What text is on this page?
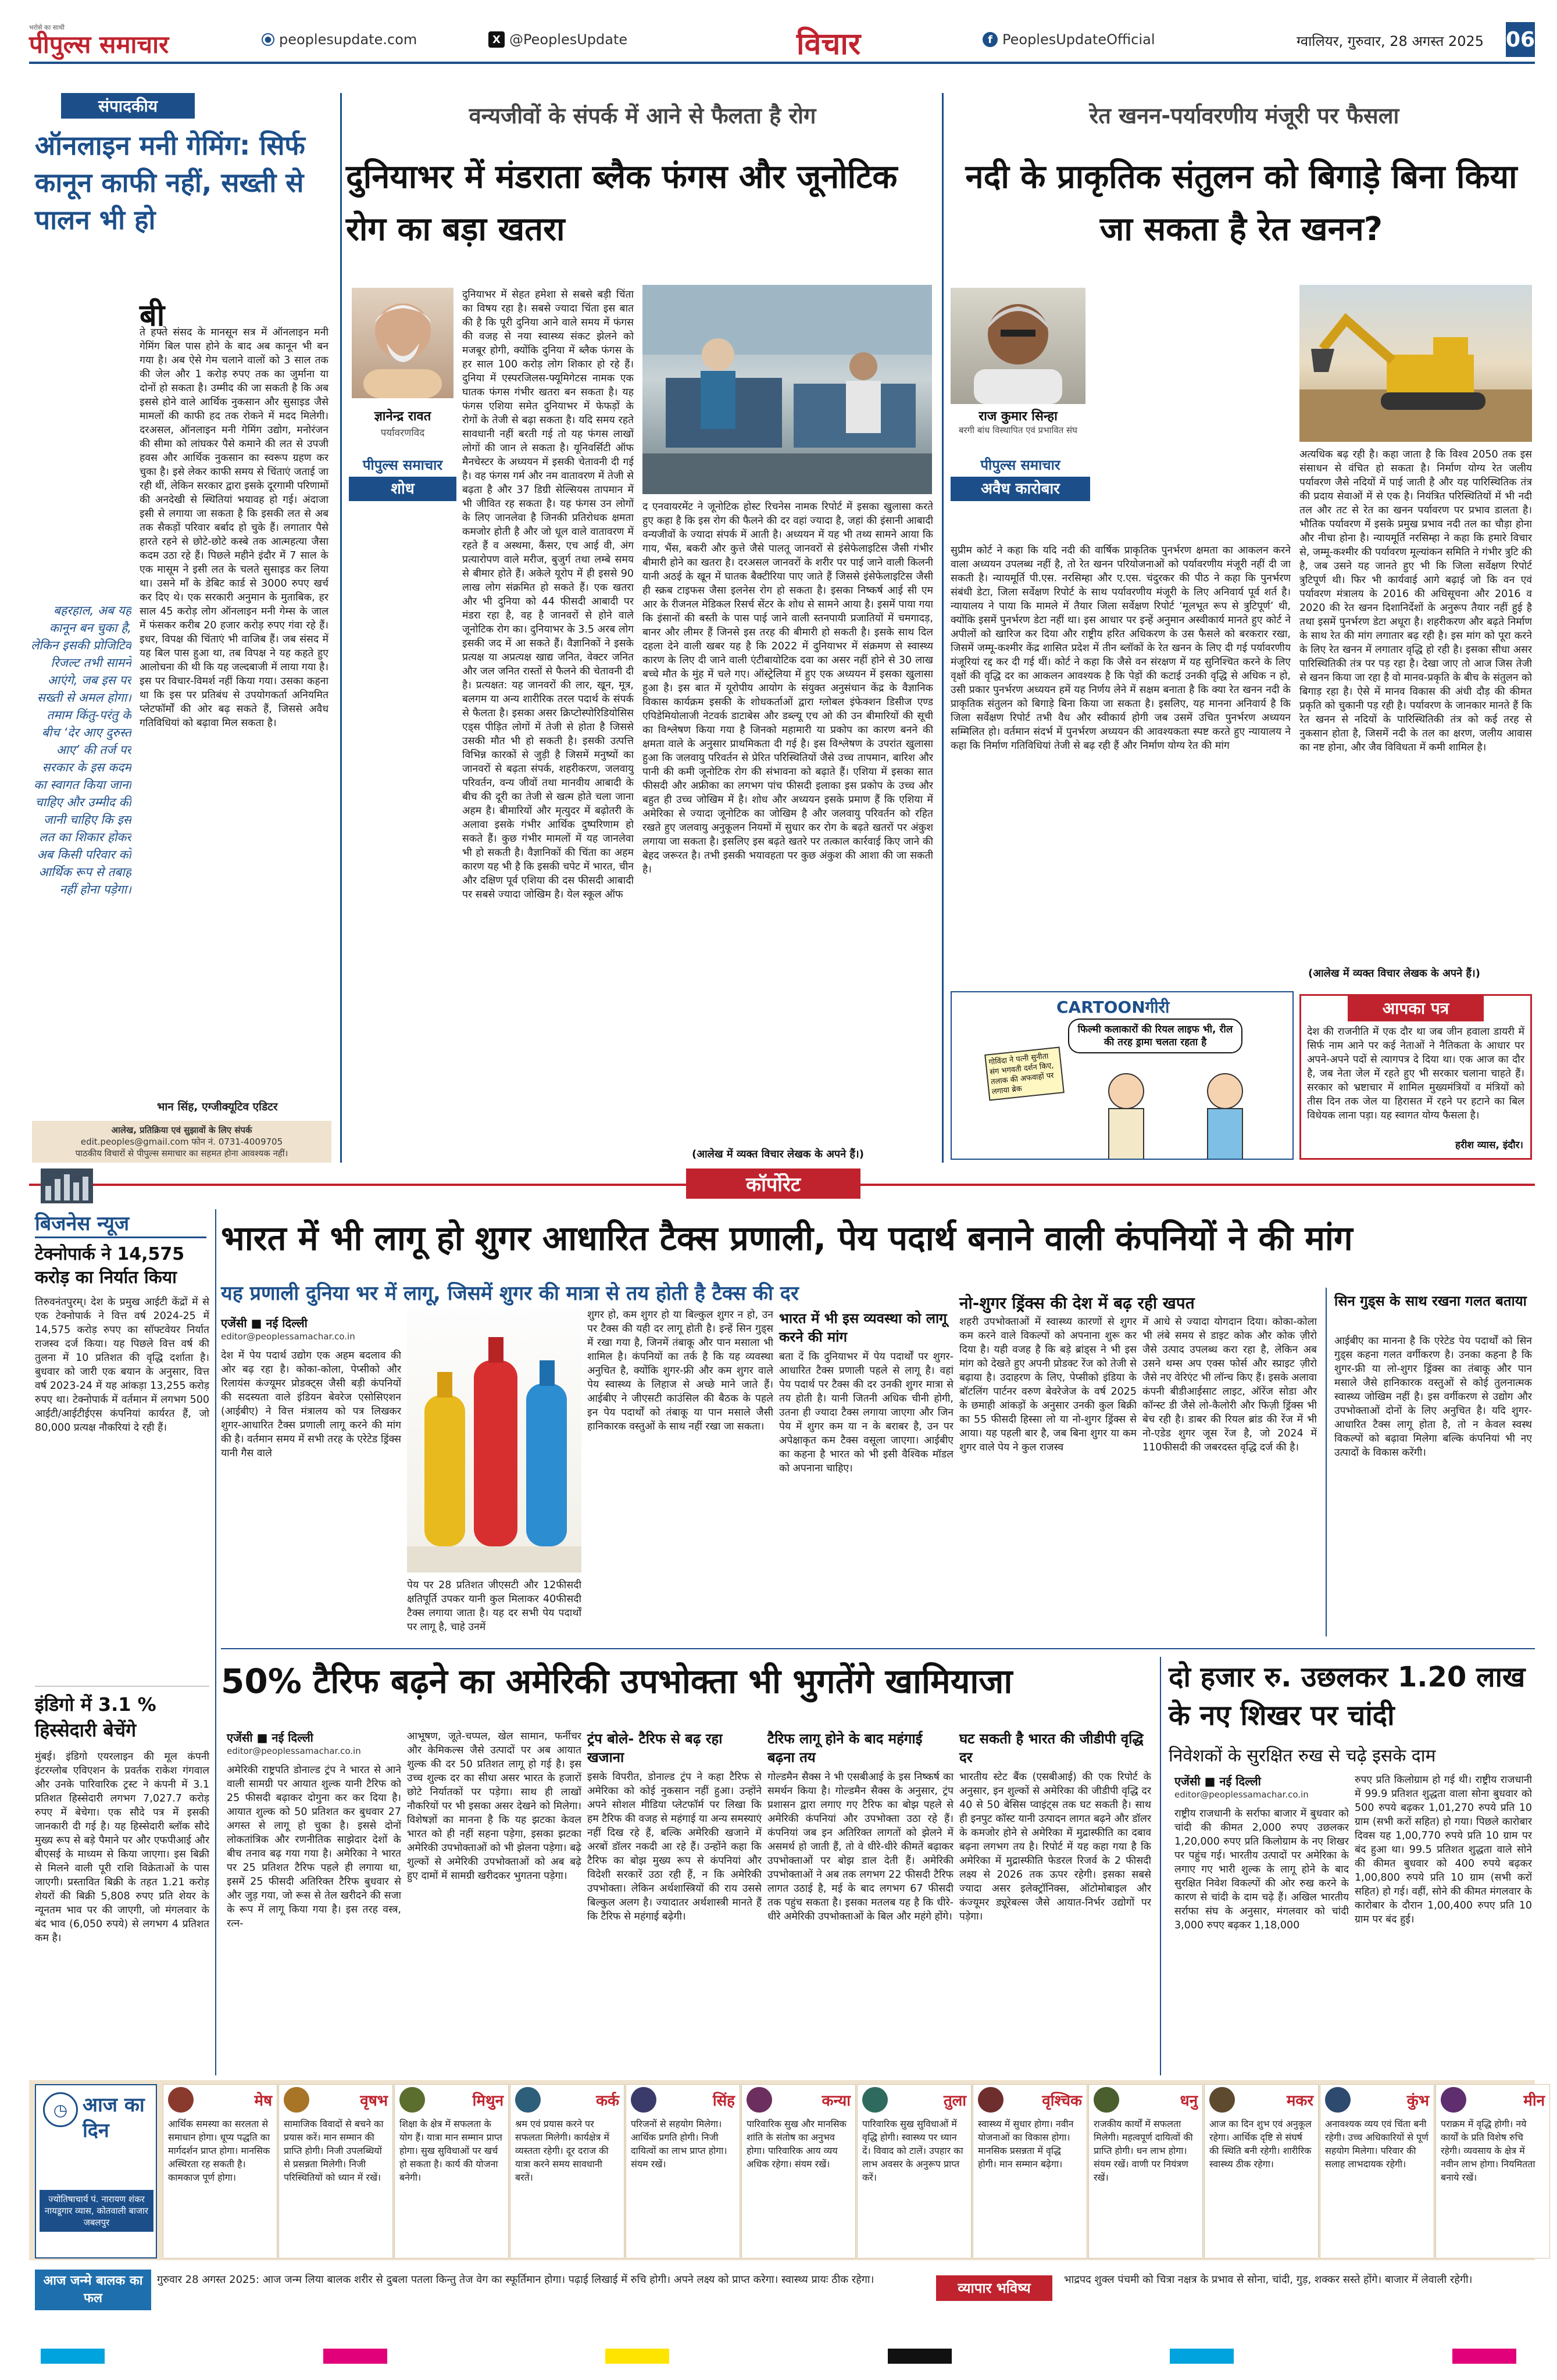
भरोसे का साथी
पीपुल्स समाचार	● peoplesupdate.com	X @PeoplesUpdate	विचार	f PeoplesUpdateOfficial	ग्वालियर, गुरुवार, 28 अगस्त 2025 06
संपादकीय
ऑनलाइन मनी गेमिंग: सिर्फ कानून काफी नहीं, सख्ती से पालन भी हो
बी
ते हफ्ते संसद के मानसून सत्र में ऑनलाइन मनी गेमिंग बिल पास होने के बाद अब कानून भी बन गया है। अब ऐसे गेम चलाने वालों को 3 साल तक की जेल और 1 करोड़ रुपए तक का जुर्माना या दोनों हो सकता है। उम्मीद की जा सकती है कि अब इससे होने वाले आर्थिक नुकसान और सुसाइड जैसे मामलों की काफी हद तक रोकने में मदद मिलेगी। दरअसल, ऑनलाइन मनी गेमिंग उद्योग, मनोरंजन की सीमा को लांघकर पैसे कमाने की लत से उपजी हवस और आर्थिक नुकसान का स्वरूप ग्रहण कर चुका है। इसे लेकर काफी समय से चिंताएं जताई जा रही थीं, लेकिन सरकार द्वारा इसके दूरगामी परिणामों की अनदेखी से स्थितियां भयावह हो गई। अंदाजा इसी से लगाया जा सकता है कि इसकी लत से अब तक सैकड़ों परिवार बर्बाद हो चुके हैं। लगातार पैसे हारते रहने से छोटे-छोटे कस्बे तक आत्महत्या जैसा कदम उठा रहे हैं। पिछले महीने इंदौर में 7 साल के एक मासूम ने इसी लत के चलते सुसाइड कर लिया था। उसने माँ के डेबिट कार्ड से 3000 रुपए खर्च कर दिए थे। एक सरकारी अनुमान के मुताबिक, हर साल 45 करोड़ लोग ऑनलाइन मनी गेम्स के जाल में फंसकर करीब 20 हजार करोड़ रुपए गंवा रहे हैं। इधर, विपक्ष की चिंताएं भी वाजिब हैं। जब संसद में यह बिल पास हुआ था, तब विपक्ष ने यह कहते हुए आलोचना की थी कि यह जल्दबाजी में लाया गया है। इस पर विचार-विमर्श नहीं किया गया। उसका कहना था कि इस पर प्रतिबंध से उपयोगकर्ता अनियमित प्लेटफॉर्मों की ओर बढ़ सकते हैं, जिससे अवैध गतिविधियां को बढ़ावा मिल सकता है।
बहरहाल, अब यह कानून बन चुका है, लेकिन इसकी प्रोजिटिव रिजल्ट तभी सामने आएंगे, जब इस पर सख्ती से अमल होगा। तमाम किंतु-परंतु के बीच ‘देर आए दुरुस्त आए’ की तर्ज पर सरकार के इस कदम का स्वागत किया जाना चाहिए और उम्मीद की जानी चाहिए कि इस लत का शिकार होकर अब किसी परिवार को आर्थिक रूप से तबाह नहीं होना पड़ेगा।
भान सिंह, एग्जीक्यूटिव एडिटर
आलेख, प्रतिक्रिया एवं सुझावों के लिए संपर्क
edit.peoples@gmail.com फोन नं. 0731-4009705
पाठकीय विचारों से पीपुल्स समाचार का सहमत होना आवश्यक नहीं।
वन्यजीवों के संपर्क में आने से फैलता है रोग
दुनियाभर में मंडराता ब्लैक फंगस और जूनोटिक रोग का बड़ा खतरा
ज्ञानेन्द्र रावत
पर्यावरणविद
पीपुल्स समाचार
शोध
दुनियाभर में सेहत हमेशा से सबसे बड़ी चिंता का विषय रहा है। सबसे ज्यादा चिंता इस बात की है कि पूरी दुनिया आने वाले समय में फंगस की वजह से नया स्वास्थ्य संकट झेलने को मजबूर होगी, क्योंकि दुनिया में ब्लैक फंगस के हर साल 100 करोड़ लोग शिकार हो रहे हैं। दुनिया में एस्परजिलस-फ्यूमिगेटस नामक एक घातक फंगस गंभीर खतरा बन सकता है। यह फंगस एशिया समेत दुनियाभर में फेफड़ों के रोगों के तेजी से बढ़ा सकता है। यदि समय रहते सावधानी नहीं बरती गई तो यह फंगस लाखों लोगों की जान ले सकता है। यूनिवर्सिटी ऑफ मैनचेस्टर के अध्ययन में इसकी चेतावनी दी गई है। वह फंगस गर्म और नम वातावरण में तेजी से बढ़ता है और 37 डिग्री सेल्सियस तापमान में भी जीवित रह सकता है। यह फंगस उन लोगों के लिए जानलेवा है जिनकी प्रतिरोधक क्षमता कमजोर होती है और जो धूल वाले वातावरण में रहते हैं व अस्थमा, कैंसर, एच आई वी, अंग प्रत्यारोपण वाले मरीज, बुजुर्ग तथा लम्बे समय से बीमार होते हैं। अकेले यूरोप में ही इससे 90 लाख लोग संक्रमित हो सकते हैं। एक खतरा और भी दुनिया को 44 फीसदी आबादी पर मंडरा रहा है, वह है जानवरों से होने वाले जूनोटिक रोग का। दुनियाभर के 3.5 अरब लोग इसकी जद में आ सकते हैं। वैज्ञानिकों ने इसके प्रत्यक्ष या अप्रत्यक्ष खाद्य जनित, वेक्टर जनित और जल जनित रास्तों से फैलने की चेतावनी दी है। प्रत्यक्षत: यह जानवरों की लार, खून, मूत्र, बलगम या अन्य शारीरिक तरल पदार्थ के संपर्क से फैलता है। इसका असर क्रिप्टोस्पोरिडियोसिस एड्स पीड़ित लोगों में तेजी से होता है जिससे उसकी मौत भी हो सकती है। इसकी उत्पत्ति विभिन्न कारकों से जुड़ी है जिसमें मनुष्यों का जानवरों से बढ़ता संपर्क, शहरीकरण, जलवायु परिवर्तन, वन्य जीवों तथा मानवीय आबादी के बीच की दूरी का तेजी से खत्म होते चला जाना अहम है। बीमारियों और मृत्युदर में बढ़ोतरी के अलावा इसके गंभीर आर्थिक दुष्परिणाम हो सकते हैं। कुछ गंभीर मामलों में यह जानलेवा भी हो सकती है। वैज्ञानिकों की चिंता का अहम कारण यह भी है कि इसकी चपेट में भारत, चीन और दक्षिण पूर्व एशिया की दस फीसदी आबादी पर सबसे ज्यादा जोखिम है। येल स्कूल ऑफ
द एनवायरमेंट ने जूनोटिक होस्ट रिचनेस नामक रिपोर्ट में इसका खुलासा करते हुए कहा है कि इस रोग की फैलने की दर वहां ज्यादा है, जहां की इंसानी आबादी वन्यजीवों के ज्यादा संपर्क में आती है। अध्ययन में यह भी तथ्य सामने आया कि गाय, भैंस, बकरी और कुत्ते जैसे पालतू जानवरों से इंसेफेलाइटिस जैसी गंभीर बीमारी होने का खतरा है। दरअसल जानवरों के शरीर पर पाई जाने वाली किलनी यानी अठई के खून में घातक बैक्टीरिया पाए जाते हैं जिससे इंसेफेलाइटिस जैसी ही स्क्रब टाइफस जैसा इलनेस रोग हो सकता है। इसका निष्कर्ष आई सी एम आर के रीजनल मेडिकल रिसर्च सेंटर के शोध से सामने आया है। इसमें पाया गया कि इंसानों की बस्ती के पास पाई जाने वाली स्तनपायी प्रजातियों में चमगादड़, बानर और लीमर हैं जिनसे इस तरह की बीमारी हो सकती है। इसके साथ दिल दहला देने वाली खबर यह है कि 2022 में दुनियाभर में संक्रमण से स्वास्थ्य कारण के लिए दी जाने वाली एंटीबायोटिक दवा का असर नहीं होने से 30 लाख बच्चे मौत के मुंह में चले गए। ऑस्ट्रेलिया में हुए एक अध्ययन में इसका खुलासा हुआ है। इस बात में यूरोपीय आयोग के संयुक्त अनुसंधान केंद्र के वैज्ञानिक विकास कार्यक्रम इसकी के शोधकर्ताओं द्वारा ग्लोबल इंफेक्शन डिसीज एण्ड एपिडेमियोलाजी नेटवर्क डाटाबेस और डब्ल्यू एच ओ की उन बीमारियों की सूची का विश्लेषण किया गया है जिनको महामारी या प्रकोप का कारण बनने की क्षमता वाले के अनुसार प्राथमिकता दी गई है। इस विश्लेषण के उपरांत खुलासा हुआ कि जलवायु परिवर्तन से प्रेरित परिस्थितियों जैसे उच्च तापमान, बारिश और पानी की कमी जूनोटिक रोग की संभावना को बढ़ाते हैं। एशिया में इसका सात फीसदी और अफ्रीका का लगभग पांच फीसदी इलाका इस प्रकोप के उच्च और बहुत ही उच्च जोखिम में है। शोध और अध्ययन इसके प्रमाण हैं कि एशिया में अमेरिका से ज्यादा जूनोटिक का जोखिम है और जलवायु परिवर्तन को रहित रखते हुए जलवायु अनुकूलन नियमों में सुधार कर रोग के बढ़ते खतरों पर अंकुश लगाया जा सकता है। इसलिए इस बढ़ते खतरे पर तत्काल कार्रवाई किए जाने की बेहद जरूरत है। तभी इसकी भयावहता पर कुछ अंकुश की आशा की जा सकती है।
(आलेख में व्यक्त विचार लेखक के अपने हैं।)
रेत खनन-पर्यावरणीय मंजूरी पर फैसला
नदी के प्राकृतिक संतुलन को बिगाड़े बिना किया जा सकता है रेत खनन?
राज कुमार सिन्हा
बरगी बांध विस्थापित एवं प्रभावित संघ
पीपुल्स समाचार
अवैध कारोबार
अत्यधिक बढ़ रही है। कहा जाता है कि विश्व 2050 तक इस संसाधन से वंचित हो सकता है। निर्माण योग्य रेत जलीय पर्यावरण जैसे नदियों में पाई जाती है और यह पारिस्थितिक तंत्र की प्रदाय सेवाओं में से एक है। नियंत्रित परिस्थितियों में भी नदी तल और तट से रेत का खनन पर्यावरण पर प्रभाव डालता है। भौतिक पर्यावरण में इसके प्रमुख प्रभाव नदी तल का चौड़ा होना और नीचा होना है। न्यायमूर्ति नरसिम्हा ने कहा कि हमारे विचार से, जम्मू-कश्मीर की पर्यावरण मूल्यांकन समिति ने गंभीर त्रुटि की है, जब उसने यह जानते हुए भी कि जिला सर्वेक्षण रिपोर्ट त्रुटिपूर्ण थी। फिर भी कार्यवाई आगे बढ़ाई जो कि वन एवं पर्यावरण मंत्रालय के 2016 की अधिसूचना और 2016 व 2020 की रेत खनन दिशानिर्देशों के अनुरूप तैयार नहीं हुई है तथा इसमें पुनर्भरण डेटा अधूरा है। शहरीकरण और बढ़ते निर्माण के साथ रेत की मांग लगातार बढ़ रही है। इस मांग को पूरा करने के लिए रेत खनन में लगातार वृद्धि हो रही है। इसका सीधा असर पारिस्थितिकी तंत्र पर पड़ रहा है। देखा जाए तो आज जिस तेजी से खनन किया जा रहा है वो मानव-प्रकृति के बीच के संतुलन को बिगाड़ रहा है। ऐसे में मानव विकास की अंधी दौड़ की कीमत प्रकृति को चुकानी पड़ रही है। पर्यावरण के जानकार मानते हैं कि रेत खनन से नदियों के पारिस्थितिकी तंत्र को कई तरह से नुकसान होता है, जिसमें नदी के तल का क्षरण, जलीय आवास का नष्ट होना, और जैव विविधता में कमी शामिल है।
(आलेख में व्यक्त विचार लेखक के अपने हैं।)
सुप्रीम कोर्ट ने कहा कि यदि नदी की वार्षिक प्राकृतिक पुनर्भरण क्षमता का आकलन करने वाला अध्ययन उपलब्ध नहीं है, तो रेत खनन परियोजनाओं को पर्यावरणीय मंजूरी नहीं दी जा सकती है। न्यायमूर्ति पी.एस. नरसिम्हा और ए.एस. चंदुरकर की पीठ ने कहा कि पुनर्भरण संबंधी डेटा, जिला सर्वेक्षण रिपोर्ट के साथ पर्यावरणीय मंजूरी के लिए अनिवार्य पूर्व शर्त है। न्यायालय ने पाया कि मामले में तैयार जिला सर्वेक्षण रिपोर्ट ‘मूलभूत रूप से त्रुटिपूर्ण’ थी, क्योंकि इसमें पुनर्भरण डेटा नहीं था। इस आधार पर इन्हें अनुमान अस्वीकार्य मानते हुए कोर्ट ने अपीलों को खारिज कर दिया और राष्ट्रीय हरित अधिकरण के उस फैसले को बरकरार रखा, जिसमें जम्मू-कश्मीर केंद्र शासित प्रदेश में तीन ब्लॉकों के रेत खनन के लिए दी गई पर्यावरणीय मंजूरियां रद्द कर दी गई थीं। कोर्ट ने कहा कि जैसे वन संरक्षण में यह सुनिश्चित करने के लिए वृक्षों की वृद्धि दर का आकलन आवश्यक है कि पेड़ों की कटाई उनकी वृद्धि से अधिक न हो, उसी प्रकार पुनर्भरण अध्ययन हमें यह निर्णय लेने में सक्षम बनाता है कि क्या रेत खनन नदी के प्राकृतिक संतुलन को बिगाड़े बिना किया जा सकता है। इसलिए, यह मानना अनिवार्य है कि जिला सर्वेक्षण रिपोर्ट तभी वैध और स्वीकार्य होगी जब उसमें उचित पुनर्भरण अध्ययन सम्मिलित हो। वर्तमान संदर्भ में पुनर्भरण अध्ययन की आवश्यकता स्पष्ट करते हुए न्यायालय ने कहा कि निर्माण गतिविधियां तेजी से बढ़ रही हैं और निर्माण योग्य रेत की मांग
CARTOONगीरी
फिल्मी कलाकारों की रियल लाइफ भी, रील की तरह ड्रामा चलता रहता है
गोविंदा ने पत्नी सुनीता संग भगवती दर्शन किए, तलाक की अफवाहों पर लगाया ब्रेक
आपका पत्र
देश की राजनीति में एक दौर था जब जीन हवाला डायरी में सिर्फ नाम आने पर कई नेताओं ने नैतिकता के आधार पर अपने-अपने पदों से त्यागपत्र दे दिया था। एक आज का दौर है, जब नेता जेल में रहते हुए भी सरकार चलाना चाहते हैं। सरकार को भ्रष्टाचार में शामिल मुख्यमंत्रियों व मंत्रियों को तीस दिन तक जेल या हिरासत में रहने पर हटाने का बिल विधेयक लाना पड़ा। यह स्वागत योग्य फैसला है।
हरीश व्यास, इंदौर।
कॉर्पोरेट
बिजनेस न्यूज
टेक्नोपार्क ने 14,575 करोड़ का निर्यात किया
तिरुवनंतपुरम्। देश के प्रमुख आईटी केंद्रों में से एक टेक्नोपार्क ने वित्त वर्ष 2024-25 में 14,575 करोड़ रुपए का सॉफ्टवेयर निर्यात राजस्व दर्ज किया। यह पिछले वित्त वर्ष की तुलना में 10 प्रतिशत की वृद्धि दर्शाता है। बुधवार को जारी एक बयान के अनुसार, वित्त वर्ष 2023-24 में यह आंकड़ा 13,255 करोड़ रुपए था। टेक्नोपार्क में वर्तमान में लगभग 500 आईटी/आईटीईएस कंपनियां कार्यरत हैं, जो 80,000 प्रत्यक्ष नौकरियां दे रही हैं।
इंडिगो में 3.1 % हिस्सेदारी बेचेंगे
मुंबई। इंडिगो एयरलाइन की मूल कंपनी इंटरग्लोब एविएशन के प्रवर्तक राकेश गंगवाल और उनके पारिवारिक ट्रस्ट ने कंपनी में 3.1 प्रतिशत हिस्सेदारी लगभग 7,027.7 करोड़ रुपए में बेचेगा। एक सौदे पत्र में इसकी जानकारी दी गई है। यह हिस्सेदारी ब्लॉक सौदे मुख्य रूप से बड़े पैमाने पर और एफपीआई और बीएसई के माध्यम से किया जाएगा। इस बिक्री से मिलने वाली पूरी राशि विक्रेताओं के पास जाएगी। प्रस्तावित बिक्री के तहत 1.21 करोड़ शेयरों की बिक्री 5,808 रुपए प्रति शेयर के न्यूनतम भाव पर की जाएगी, जो मंगलवार के बंद भाव (6,050 रुपये) से लगभग 4 प्रतिशत कम है।
भारत में भी लागू हो शुगर आधारित टैक्स प्रणाली, पेय पदार्थ बनाने वाली कंपनियों ने की मांग
यह प्रणाली दुनिया भर में लागू, जिसमें शुगर की मात्रा से तय होती है टैक्स की दर
एजेंसी ■ नई दिल्ली
editor@peoplessamachar.co.in
देश में पेय पदार्थ उद्योग एक अहम बदलाव की ओर बढ़ रहा है। कोका-कोला, पेप्सीको और रिलायंस कंज्यूमर प्रोडक्ट्स जैसी बड़ी कंपनियों की सदस्यता वाले इंडियन बेवरेज एसोसिएशन (आईबीए) ने वित्त मंत्रालय को पत्र लिखकर शुगर-आधारित टैक्स प्रणाली लागू करने की मांग की है। वर्तमान समय में सभी तरह के एरेटेड ड्रिंक्स यानी गैस वाले
पेय पर 28 प्रतिशत जीएसटी और 12फीसदी क्षतिपूर्ति उपकर यानी कुल मिलाकर 40फीसदी टैक्स लगाया जाता है। यह दर सभी पेय पदार्थों पर लागू है, चाहे उनमें
शुगर हो, कम शुगर हो या बिल्कुल शुगर न हो, उन पर टैक्स की यही दर लागू होती है। इन्हें सिन गुड्स में रखा गया है, जिनमें तंबाकू और पान मसाला भी शामिल है। कंपनियों का तर्क है कि यह व्यवस्था अनुचित है, क्योंकि शुगर-फ्री और कम शुगर वाले पेय स्वास्थ्य के लिहाज से अच्छे माने जाते हैं। आईबीए ने जीएसटी काउंसिल की बैठक के पहले इन पेय पदार्थों को तंबाकू या पान मसाले जैसी हानिकारक वस्तुओं के साथ नहीं रखा जा सकता।
भारत में भी इस व्यवस्था को लागू करने की मांग
बता दें कि दुनियाभर में पेय पदार्थों पर शुगर-आधारित टैक्स प्रणाली पहले से लागू है। वहां पेय पदार्थ पर टैक्स की दर उनकी शुगर मात्रा से तय होती है। यानी जितनी अधिक चीनी होगी, उतना ही ज्यादा टैक्स लगाया जाएगा और जिन पेय में शुगर कम या न के बराबर है, उन पर अपेक्षाकृत कम टैक्स वसूला जाएगा। आईबीए का कहना है भारत को भी इसी वैश्विक मॉडल को अपनाना चाहिए।
नो-शुगर ड्रिंक्स की देश में बढ़ रही खपत
शहरी उपभोक्ताओं में स्वास्थ्य कारणों से शुगर कम करने वाले विकल्पों को अपनाना शुरू कर दिया है। यही वजह है कि बड़े ब्रांड्स ने भी इस मांग को देखते हुए अपनी प्रोडक्ट रेंज को तेजी से बढ़ाया है। उदाहरण के लिए, पेप्सीको इंडिया के बॉटलिंग पार्टनर वरुण बेवरेजेज के वर्ष 2025 के छमाही आंकड़ों के अनुसार उनकी कुल बिक्री का 55 फीसदी हिस्सा लो या नो-शुगर ड्रिंक्स से आया। यह पहली बार है, जब बिना शुगर या कम शुगर वाले पेय ने कुल राजस्व
में आधे से ज्यादा योगदान दिया। कोका-कोला भी लंबे समय से डाइट कोक और कोक ज़ीरो जैसे उत्पाद उपलब्ध करा रहा है, लेकिन अब उसने थम्स अप एक्स फोर्स और स्प्राइट ज़ीरो जैसे नए वेरिएंट भी लॉन्च किए हैं। इसके अलावा कंपनी बीडीआईसाट लाइट, ऑरेंज सोडा और कॉन्स्ट डी जैसे लो-कैलोरी और फिज़ी ड्रिंक्स भी बेच रही है। डाबर की रियल ब्रांड की रेंज में भी नो-एडेड शुगर जूस रेंज है, जो 2024 में 110फीसदी की जबरदस्त वृद्धि दर्ज की है।
सिन गुड्स के साथ रखना गलत बताया
आईबीए का मानना है कि एरेटेड पेय पदार्थों को सिन गुड्स कहना गलत वर्गीकरण है। उनका कहना है कि शुगर-फ्री या लो-शुगर ड्रिंक्स का तंबाकू और पान मसाले जैसे हानिकारक वस्तुओं से कोई तुलनात्मक स्वास्थ्य जोखिम नहीं है। इस वर्गीकरण से उद्योग और उपभोक्ताओं दोनों के लिए अनुचित है। यदि शुगर-आधारित टैक्स लागू होता है, तो न केवल स्वस्थ विकल्पों को बढ़ावा मिलेगा बल्कि कंपनियां भी नए उत्पादों के विकास करेंगी।
50% टैरिफ बढ़ने का अमेरिकी उपभोक्ता भी भुगतेंगे खामियाजा
एजेंसी ■ नई दिल्ली
editor@peoplessamachar.co.in
अमेरिकी राष्ट्रपति डोनाल्ड ट्रंप ने भारत से आने वाली सामग्री पर आयात शुल्क यानी टैरिफ को 25 फीसदी बढ़ाकर दोगुना कर कर दिया है। आयात शुल्क को 50 प्रतिशत कर बुधवार 27 अगस्त से लागू हो चुका है। इससे दोनों लोकतांत्रिक और रणनीतिक साझेदार देशों के बीच तनाव बढ़ गया गया है। अमेरिका ने भारत पर 25 प्रतिशत टैरिफ पहले ही लगाया था, इसमें 25 फीसदी अतिरिक्त टैरिफ बुधवार से और जुड़ गया, जो रूस से तेल खरीदने की सजा के रूप में लागू किया गया है। इस तरह वस्त्र, रत्न-
आभूषण, जूते-चप्पल, खेल सामान, फर्नीचर और केमिकल्स जैसे उत्पादों पर अब आयात शुल्क की दर 50 प्रतिशत लागू हो गई है। इस उच्च शुल्क दर का सीधा असर भारत के हजारों छोटे निर्यातकों पर पड़ेगा। साथ ही लाखों नौकरियों पर भी इसका असर देखने को मिलेगा। विशेषज्ञों का मानना है कि यह झटका केवल भारत को ही नहीं सहना पड़ेगा, इसका झटका अमेरिकी उपभोक्ताओं को भी झेलना पड़ेगा। बढ़े शुल्कों से अमेरिकी उपभोक्ताओं को अब बढ़े हुए दामों में सामग्री खरीदकर भुगतना पड़ेगा।
ट्रंप बोले- टैरिफ से बढ़ रहा खजाना
इसके विपरीत, डोनाल्ड ट्रंप ने कहा टैरिफ से अमेरिका को कोई नुकसान नहीं हुआ। उन्होंने अपने सोशल मीडिया प्लेटफॉर्म पर लिखा कि हम टैरिफ की वजह से महंगाई या अन्य समस्याएं नहीं दिख रहे हैं, बल्कि अमेरिकी खजाने में अरबों डॉलर नकदी आ रहे हैं। उन्होंने कहा कि टैरिफ का बोझ मुख्य रूप से कंपनियां और विदेशी सरकारें उठा रही हैं, न कि अमेरिकी उपभोक्ता। लेकिन अर्थशास्त्रियों की राय उससे बिल्कुल अलग है। ज्यादातर अर्थशास्त्री मानते हैं कि टैरिफ से महंगाई बढ़ेगी।
टैरिफ लागू होने के बाद महंगाई बढ़ना तय
गोल्डमैन सैक्स ने भी एसबीआई के इस निष्कर्ष का समर्थन किया है। गोल्डमैन सैक्स के अनुसार, ट्रंप प्रशासन द्वारा लगाए गए टैरिफ का बोझ पहले से अमेरिकी कंपनियां और उपभोक्ता उठा रहे हैं। कंपनियां जब इन अतिरिक्त लागतों को झेलने में असमर्थ हो जाती हैं, तो वे धीरे-धीरे कीमतें बढ़ाकर उपभोक्ताओं पर बोझ डाल देती हैं। अमेरिकी उपभोक्ताओं ने अब तक लगभग 22 फीसदी टैरिफ लागत उठाई है, मई के बाद लगभग 67 फीसदी तक पहुंच सकता है। इसका मतलब यह है कि धीरे-धीरे अमेरिकी उपभोक्ताओं के बिल और महंगे होंगे।
घट सकती है भारत की जीडीपी वृद्धि दर
भारतीय स्टेट बैंक (एसबीआई) की एक रिपोर्ट के अनुसार, इन शुल्कों से अमेरिका की जीडीपी वृद्धि दर 40 से 50 बेसिस प्वाइंट्स तक घट सकती है। साथ ही इनपुट कॉस्ट यानी उत्पादन लागत बढ़ने और डॉलर के कमजोर होने से अमेरिका में मुद्रास्फीति का दबाव बढ़ना लगभग तय है। रिपोर्ट में यह कहा गया है कि अमेरिका में मुद्रास्फीति फेडरल रिजर्व के 2 फीसदी लक्ष्य से 2026 तक ऊपर रहेगी। इसका सबसे ज्यादा असर इलेक्ट्रॉनिक्स, ऑटोमोबाइल और कंज्यूमर ड्यूरेबल्स जैसे आयात-निर्भर उद्योगों पर पड़ेगा।
दो हजार रु. उछलकर 1.20 लाख के नए शिखर पर चांदी
निवेशकों के सुरक्षित रुख से चढ़े इसके दाम
एजेंसी ■ नई दिल्ली
editor@peoplessamachar.co.in
राष्ट्रीय राजधानी के सर्राफा बाजार में बुधवार को चांदी की कीमत 2,000 रुपए उछलकर 1,20,000 रुपए प्रति किलोग्राम के नए शिखर पर पहुंच गई। भारतीय उत्पादों पर अमेरिका के लगाए गए भारी शुल्क के लागू होने के बाद सुरक्षित निवेश विकल्पों की ओर रुख करने के कारण से चांदी के दाम चढ़े हैं। अखिल भारतीय सर्राफा संघ के अनुसार, मंगलवार को चांदी 3,000 रुपए बढ़कर 1,18,000
रुपए प्रति किलोग्राम हो गई थी। राष्ट्रीय राजधानी में 99.9 प्रतिशत शुद्धता वाला सोना बुधवार को 500 रुपये बढ़कर 1,01,270 रुपये प्रति 10 ग्राम (सभी करों सहित) हो गया। पिछले कारोबार दिवस यह 1,00,770 रुपये प्रति 10 ग्राम पर बंद हुआ था। 99.5 प्रतिशत शुद्धता वाले सोने की कीमत बुधवार को 400 रुपये बढ़कर 1,00,800 रुपये प्रति 10 ग्राम (सभी करों सहित) हो गई। वहीं, सोने की कीमत मंगलवार के कारोबार के दौरान 1,00,400 रुपए प्रति 10 ग्राम पर बंद हुई।
◷ आज का दिन
ज्योतिषाचार्य पं. नारायण शंकर नायडूगार व्यास, कोतवाली बाजार जबलपुर
मेष
आर्थिक समस्या का सरलता से समाधान होगा। धूप्य पद्धति का मार्गदर्शन प्राप्त होगा। मानसिक अस्थिरता रह सकती है। कामकाज पूर्ण होगा।
वृषभ
सामाजिक विवादों से बचने का प्रयास करें। मान सम्मान की प्राप्ति होगी। निजी उपलब्धियों से प्रसन्नता मिलेगी। निजी परिस्थितियों को ध्यान में रखें।
मिथुन
शिक्षा के क्षेत्र में सफलता के योग हैं। यात्रा मान सम्मान प्राप्त होगा। सुख सुविधाओं पर खर्च हो सकता है। कार्य की योजना बनेगी।
कर्क
श्रम एवं प्रयास करने पर सफलता मिलेगी। कार्यक्षेत्र में व्यस्तता रहेगी। दूर दराज की यात्रा करने समय सावधानी बरतें।
सिंह
परिजनों से सहयोग मिलेगा। आर्थिक प्रगति होगी। निजी दायित्वों का लाभ प्राप्त होगा। संयम रखें।
कन्या
पारिवारिक सुख और मानसिक शांति के संतोष का अनुभव होगा। पारिवारिक आय व्यय अधिक रहेगा। संयम रखें।
तुला
पारिवारिक सुख सुविधाओं में वृद्धि होगी। स्वास्थ्य पर ध्यान दें। विवाद को टालें। उपहार का लाभ अवसर के अनुरूप प्राप्त करें।
वृश्चिक
स्वास्थ्य में सुधार होगा। नवीन योजनाओं का विकास होगा। मानसिक प्रसन्नता में वृद्धि होगी। मान सम्मान बढ़ेगा।
धनु
राजकीय कार्यों में सफलता मिलेगी। महत्वपूर्ण दायित्वों की प्राप्ति होगी। धन लाभ होगा। संयम रखें। वाणी पर नियंत्रण रखें।
मकर
आज का दिन शुभ एवं अनुकूल रहेगा। आर्थिक दृष्टि से संघर्ष की स्थिति बनी रहेगी। शारीरिक स्वास्थ्य ठीक रहेगा।
कुंभ
अनावश्यक व्यय एवं चिंता बनी रहेगी। उच्च अधिकारियों से पूर्ण सहयोग मिलेगा। परिवार की सलाह लाभदायक रहेगी।
मीन
पराक्रम में वृद्धि होगी। नये कार्यों के प्रति विशेष रुचि रहेगी। व्यवसाय के क्षेत्र में नवीन लाभ होगा। नियमितता बनाये रखें।
आज जन्मे बालक का फल
गुरुवार 28 अगस्त 2025: आज जन्म लिया बालक शरीर से दुबला पतला किन्तु तेज वेग का स्फूर्तिमान होगा। पढ़ाई लिखाई में रुचि होगी। अपने लक्ष्य को प्राप्त करेगा। स्वास्थ्य प्रायः ठीक रहेगा।
व्यापार भविष्य
भाद्रपद शुक्ल पंचमी को चित्रा नक्षत्र के प्रभाव से सोना, चांदी, गुड़, शक्कर सस्ते होंगे। बाजार में लेवाली रहेगी।
